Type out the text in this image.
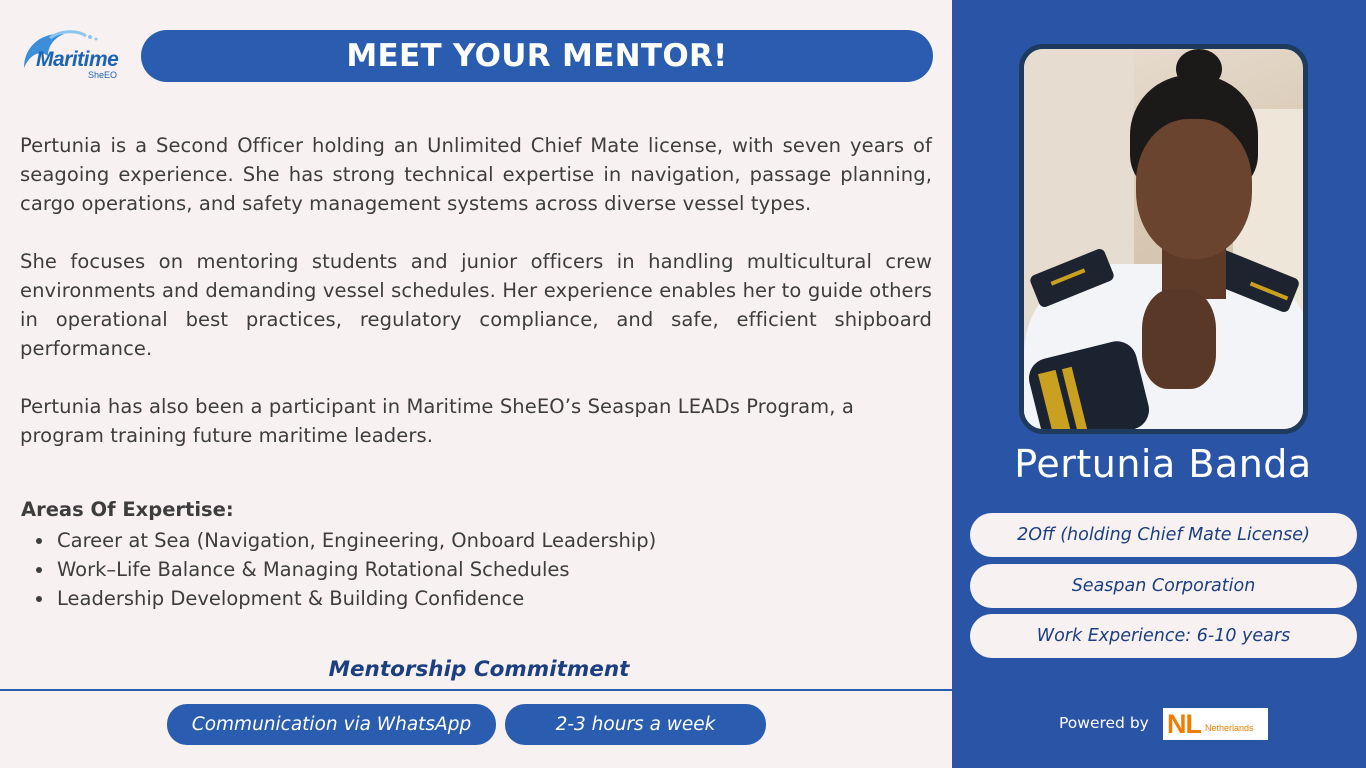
Maritime
SheEO
MEET YOUR MENTOR!

Pertunia is a Second Officer holding an Unlimited Chief Mate license, with seven years of seagoing experience. She has strong technical expertise in navigation, passage planning, cargo operations, and safety management systems across diverse vessel types.

She focuses on mentoring students and junior officers in handling multicultural crew environments and demanding vessel schedules. Her experience enables her to guide others in operational best practices, regulatory compliance, and safe, efficient shipboard performance.

Pertunia has also been a participant in Maritime SheEO’s Seaspan LEADs Program, a program training future maritime leaders.

Areas Of Expertise:
Career at Sea (Navigation, Engineering, Onboard Leadership)
Work–Life Balance & Managing Rotational Schedules
Leadership Development & Building Confidence
Mentorship Commitment
Communication via WhatsApp	2-3 hours a week
Pertunia Banda
2Off (holding Chief Mate License)
Seaspan Corporation
Work Experience: 6-10 years
Powered by NL Netherlands
